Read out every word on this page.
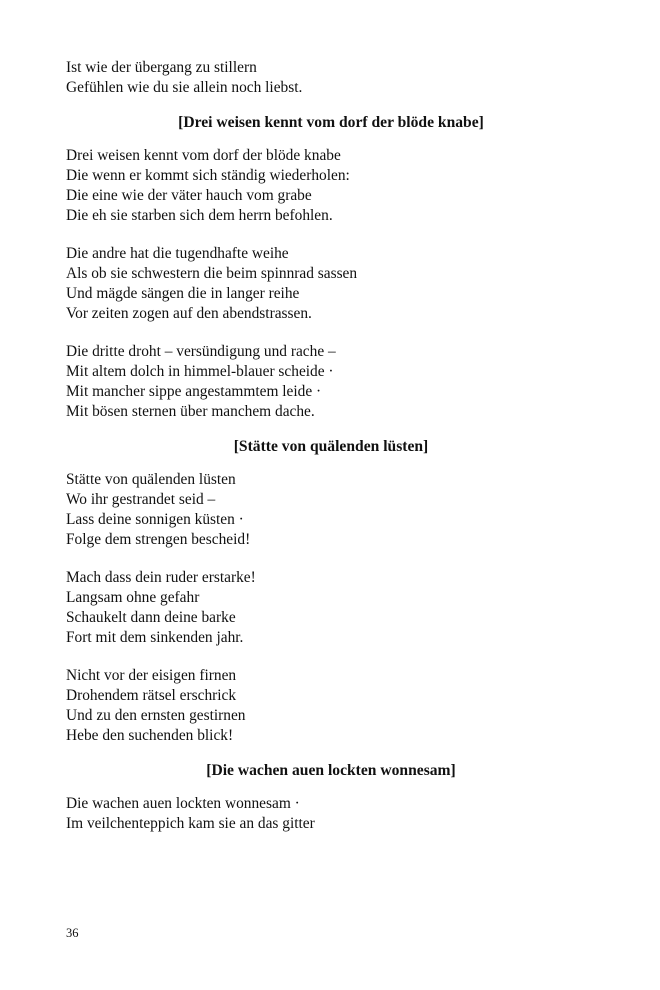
Ist wie der übergang zu stillern
Gefühlen wie du sie allein noch liebst.
[Drei weisen kennt vom dorf der blöde knabe]
Drei weisen kennt vom dorf der blöde knabe
Die wenn er kommt sich ständig wiederholen:
Die eine wie der väter hauch vom grabe
Die eh sie starben sich dem herrn befohlen.
Die andre hat die tugendhafte weihe
Als ob sie schwestern die beim spinnrad sassen
Und mägde sängen die in langer reihe
Vor zeiten zogen auf den abendstrassen.
Die dritte droht – versündigung und rache –
Mit altem dolch in himmel-blauer scheide ·
Mit mancher sippe angestammtem leide ·
Mit bösen sternen über manchem dache.
[Stätte von quälenden lüsten]
Stätte von quälenden lüsten
Wo ihr gestrandet seid –
Lass deine sonnigen küsten ·
Folge dem strengen bescheid!
Mach dass dein ruder erstarke!
Langsam ohne gefahr
Schaukelt dann deine barke
Fort mit dem sinkenden jahr.
Nicht vor der eisigen firnen
Drohendem rätsel erschrick
Und zu den ernsten gestirnen
Hebe den suchenden blick!
[Die wachen auen lockten wonnesam]
Die wachen auen lockten wonnesam ·
Im veilchenteppich kam sie an das gitter
36
